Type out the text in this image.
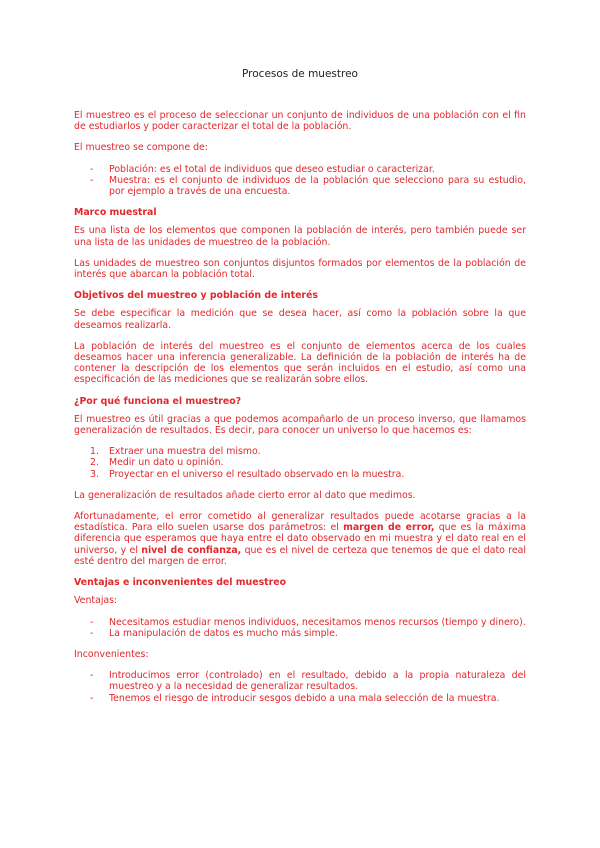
Procesos de muestreo

El muestreo es el proceso de seleccionar un conjunto de individuos de una población con el fin de estudiarlos y poder caracterizar el total de la población.

El muestreo se compone de:

- Población: es el total de individuos que deseo estudiar o caracterizar.
- Muestra: es el conjunto de individuos de la población que selecciono para su estudio, por ejemplo a través de una encuesta.
Marco muestral

Es una lista de los elementos que componen la población de interés, pero también puede ser una lista de las unidades de muestreo de la población.

Las unidades de muestreo son conjuntos disjuntos formados por elementos de la población de interés que abarcan la población total.

Objetivos del muestreo y población de interés

Se debe especificar la medición que se desea hacer, así como la población sobre la que deseamos realizarla.

La población de interés del muestreo es el conjunto de elementos acerca de los cuales deseamos hacer una inferencia generalizable. La definición de la población de interés ha de contener la descripción de los elementos que serán incluidos en el estudio, así como una especificación de las mediciones que se realizarán sobre ellos.

¿Por qué funciona el muestreo?

El muestreo es útil gracias a que podemos acompañarlo de un proceso inverso, que llamamos generalización de resultados. Es decir, para conocer un universo lo que hacemos es:

1. Extraer una muestra del mismo.
2. Medir un dato u opinión.
3. Proyectar en el universo el resultado observado en la muestra.

La generalización de resultados añade cierto error al dato que medimos.

Afortunadamente, el error cometido al generalizar resultados puede acotarse gracias a la estadística. Para ello suelen usarse dos parámetros: el margen de error, que es la máxima diferencia que esperamos que haya entre el dato observado en mi muestra y el dato real en el universo, y el nivel de confianza, que es el nivel de certeza que tenemos de que el dato real esté dentro del margen de error.

Ventajas e inconvenientes del muestreo

Ventajas:

- Necesitamos estudiar menos individuos, necesitamos menos recursos (tiempo y dinero).
- La manipulación de datos es mucho más simple.

Inconvenientes:

- Introducimos error (controlado) en el resultado, debido a la propia naturaleza del muestreo y a la necesidad de generalizar resultados.
- Tenemos el riesgo de introducir sesgos debido a una mala selección de la muestra.
